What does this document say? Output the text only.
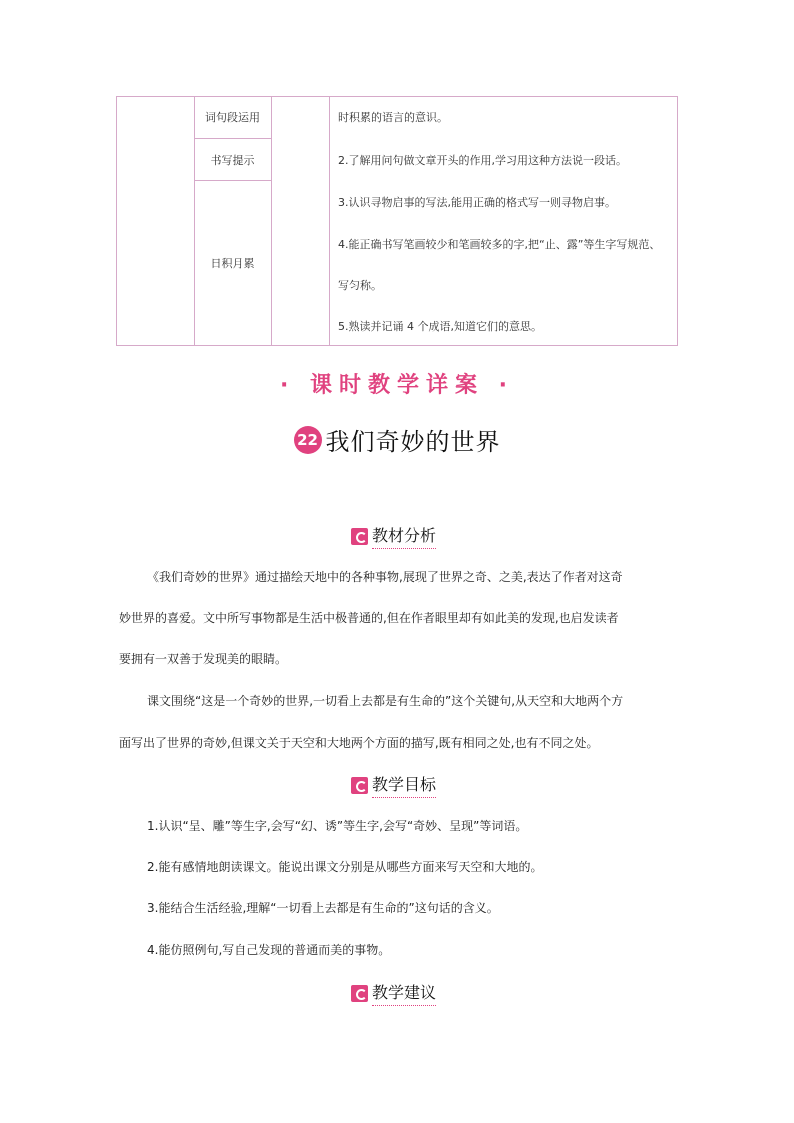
词句段运用
书写提示
日积月累
时积累的语言的意识。
2.了解用问句做文章开头的作用,学习用这种方法说一段话。
3.认识寻物启事的写法,能用正确的格式写一则寻物启事。
4.能正确书写笔画较少和笔画较多的字,把“止、露”等生字写规范、
写匀称。
5.熟读并记诵 4 个成语,知道它们的意思。
· 课时教学详案 ·
22 我们奇妙的世界
教材分析
《我们奇妙的世界》通过描绘天地中的各种事物,展现了世界之奇、之美,表达了作者对这奇
妙世界的喜爱。文中所写事物都是生活中极普通的,但在作者眼里却有如此美的发现,也启发读者
要拥有一双善于发现美的眼睛。
课文围绕“这是一个奇妙的世界,一切看上去都是有生命的”这个关键句,从天空和大地两个方
面写出了世界的奇妙,但课文关于天空和大地两个方面的描写,既有相同之处,也有不同之处。
教学目标
1.认识“呈、雕”等生字,会写“幻、诱”等生字,会写“奇妙、呈现”等词语。
2.能有感情地朗读课文。能说出课文分别是从哪些方面来写天空和大地的。
3.能结合生活经验,理解“一切看上去都是有生命的”这句话的含义。
4.能仿照例句,写自己发现的普通而美的事物。
教学建议
